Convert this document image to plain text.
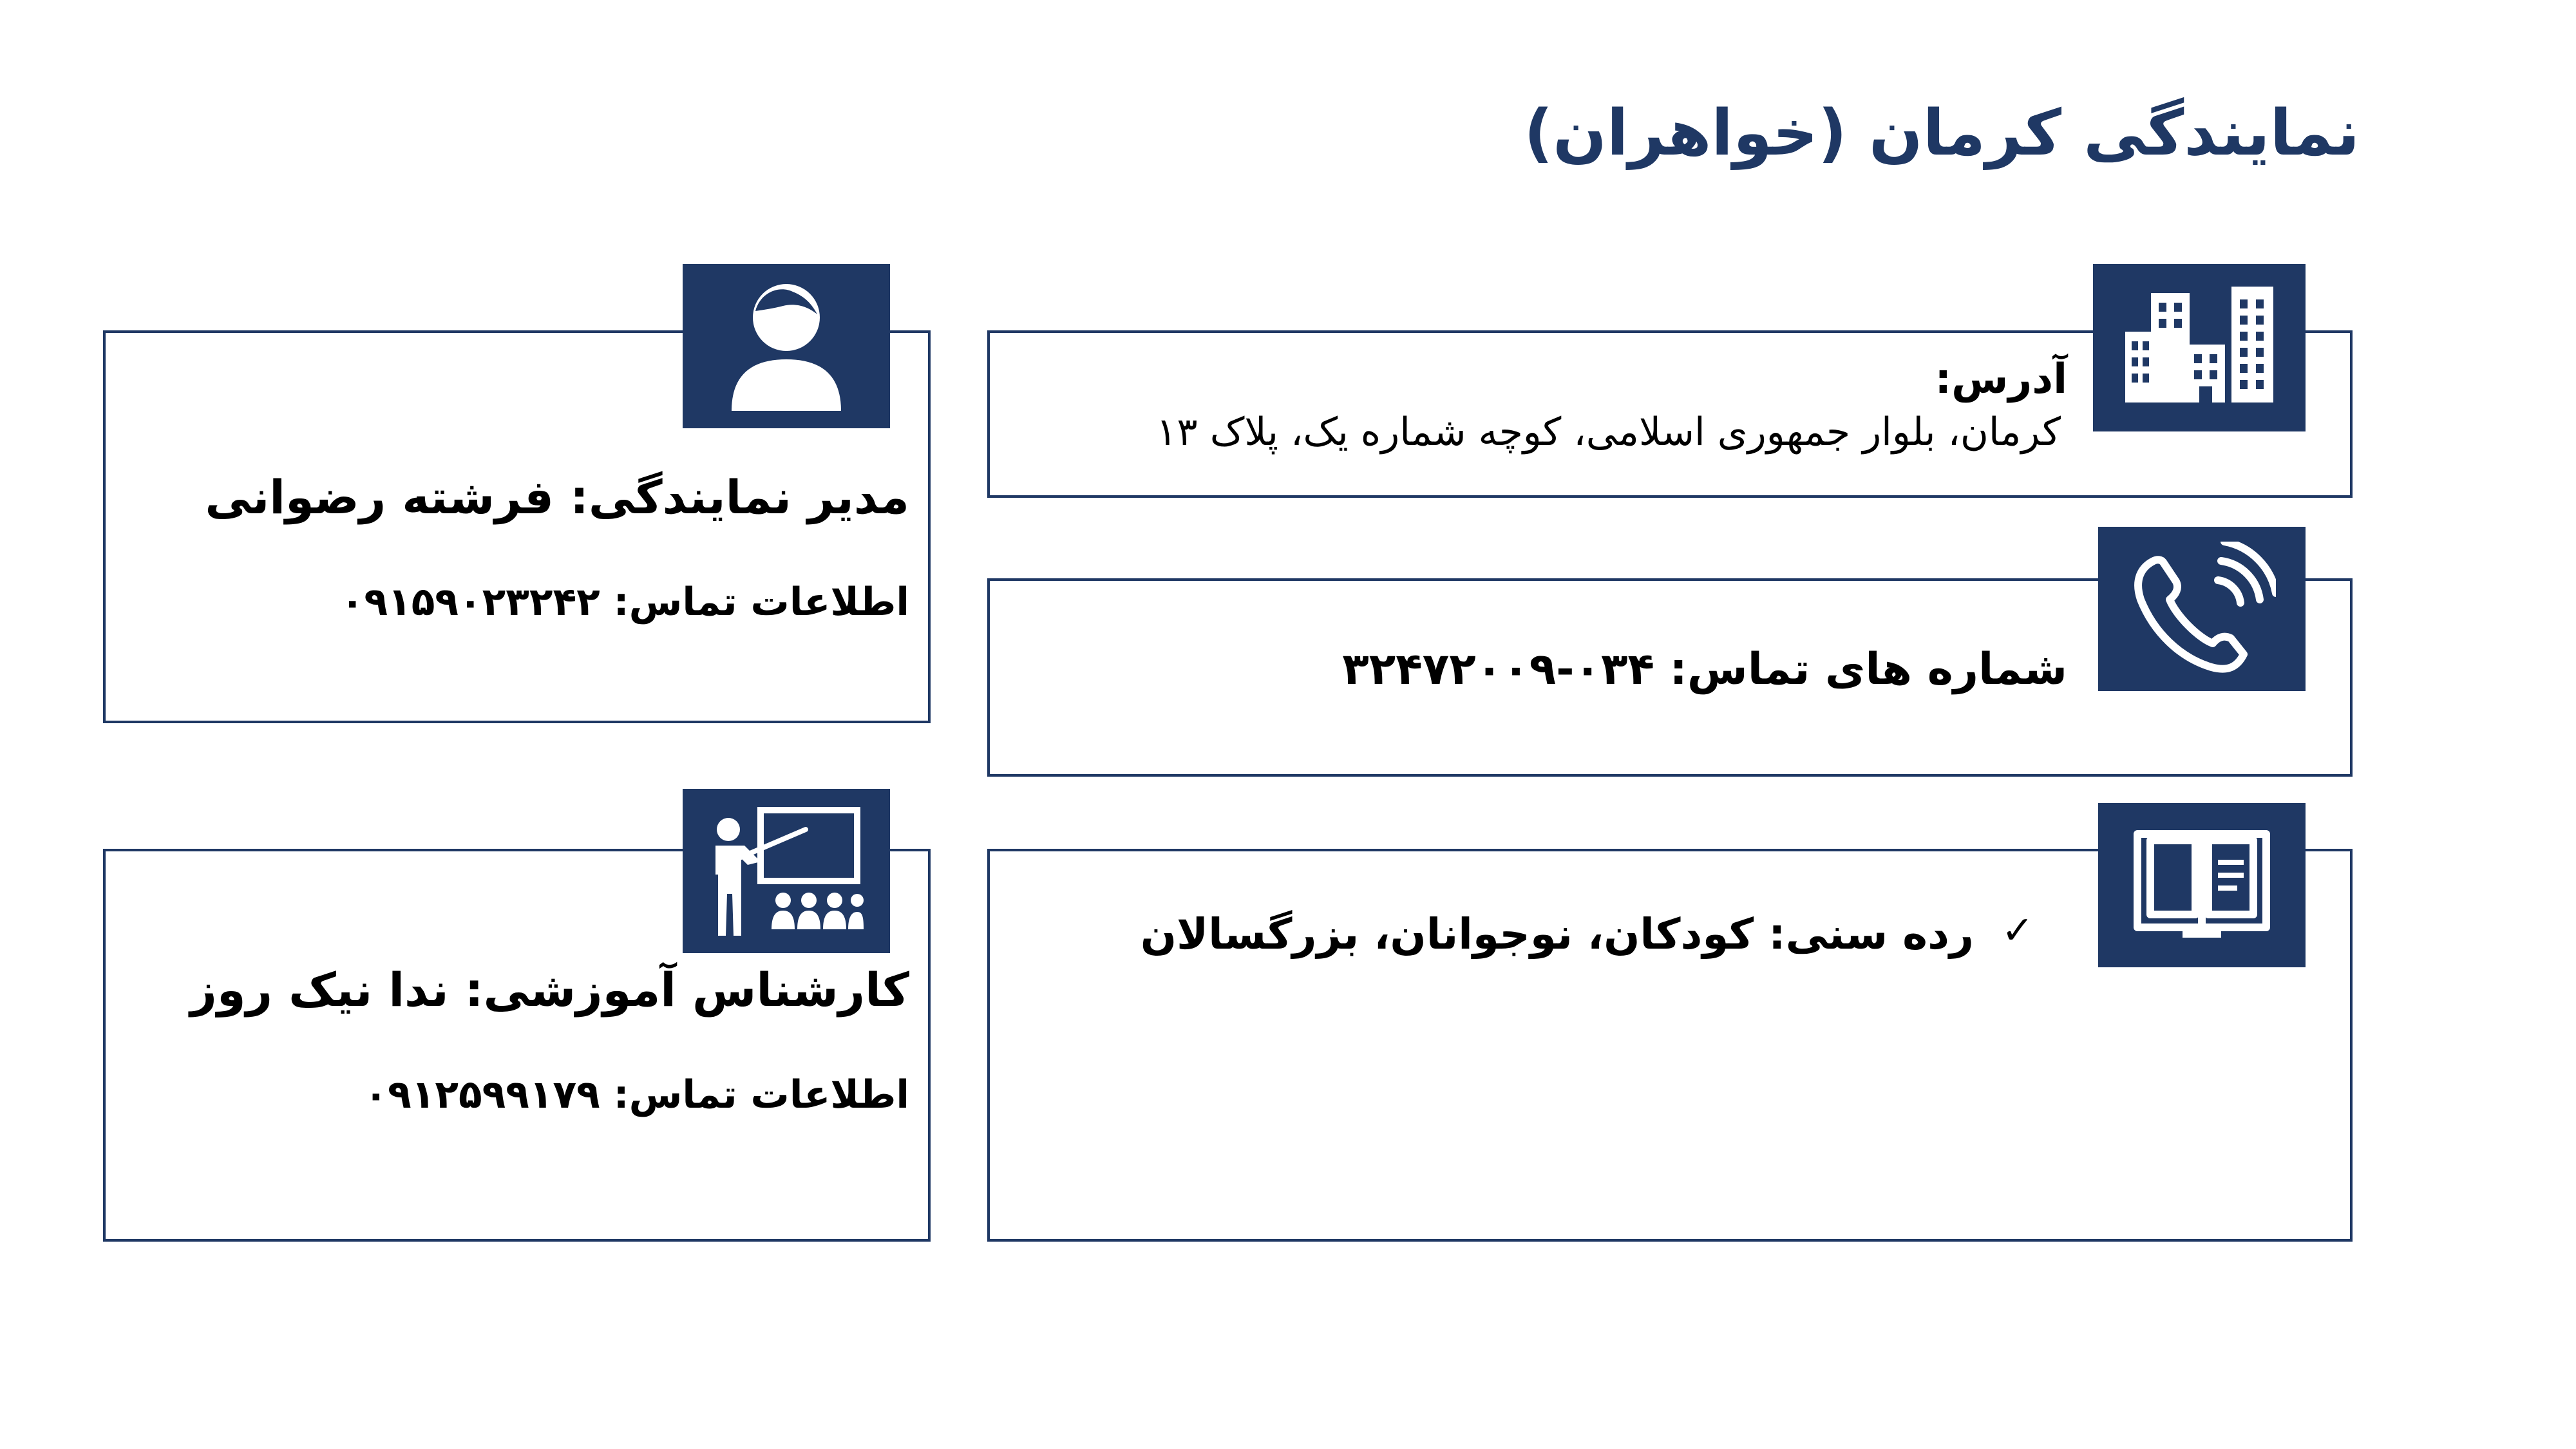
نمایندگی کرمان (خواهران)
آدرس:
کرمان، بلوار جمهوری اسلامی، کوچه شماره یک، پلاک ۱۳
شماره های تماس: ۰۳۴-۳۲۴۷۲۰۰۹
✓
رده سنی: کودکان، نوجوانان، بزرگسالان
مدیر نمایندگی: فرشته رضوانی
اطلاعات تماس: ۰۹۱۵۹۰۲۳۲۴۲
کارشناس آموزشی: ندا نیک روز
اطلاعات تماس: ۰۹۱۲۵۹۹۱۷۹
